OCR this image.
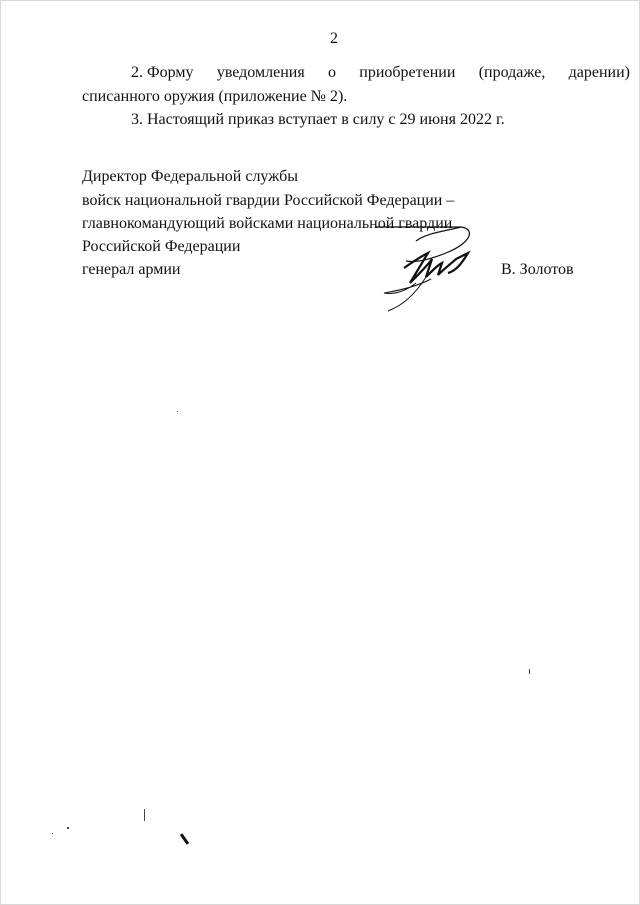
2
2. Форму уведомления о приобретении (продаже, дарении)
списанного оружия (приложение № 2).
3. Настоящий приказ вступает в силу с 29 июня 2022 г.
Директор Федеральной службы
войск национальной гвардии Российской Федерации –
главнокомандующий войсками национальной гвардии
Российской Федерации
генерал армии	В. Золотов
